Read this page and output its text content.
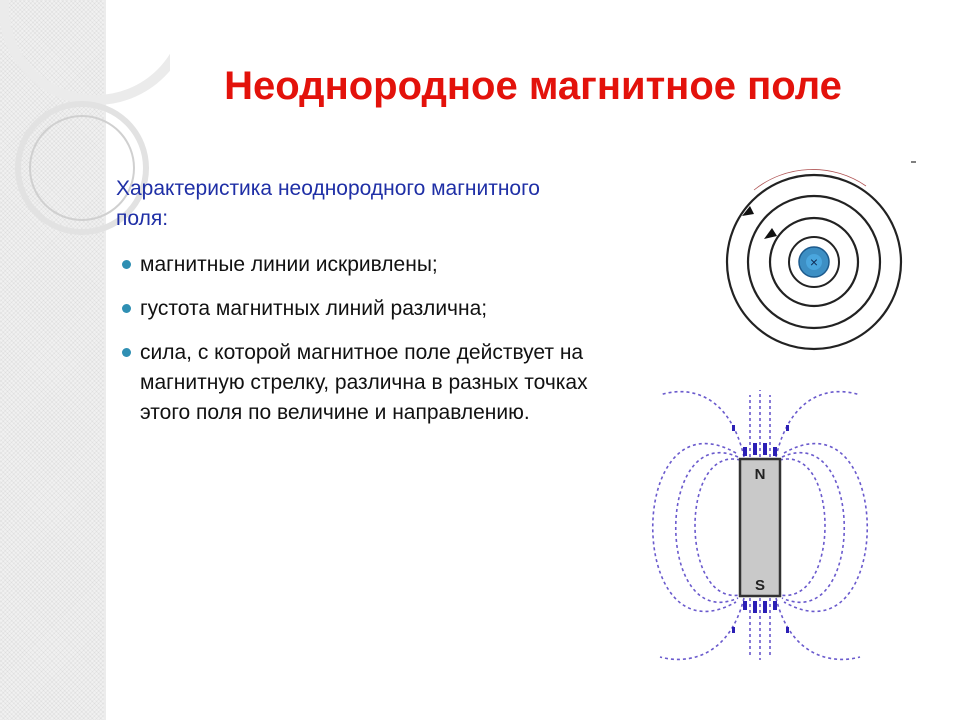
Неоднородное магнитное поле

Характеристика неоднородного магнитного поля:

магнитные линии искривлены;
густота магнитных линий различна;
сила, с которой магнитное поле действует на магнитную стрелку, различна в разных точках этого поля по величине и направлению.
×
N
S
